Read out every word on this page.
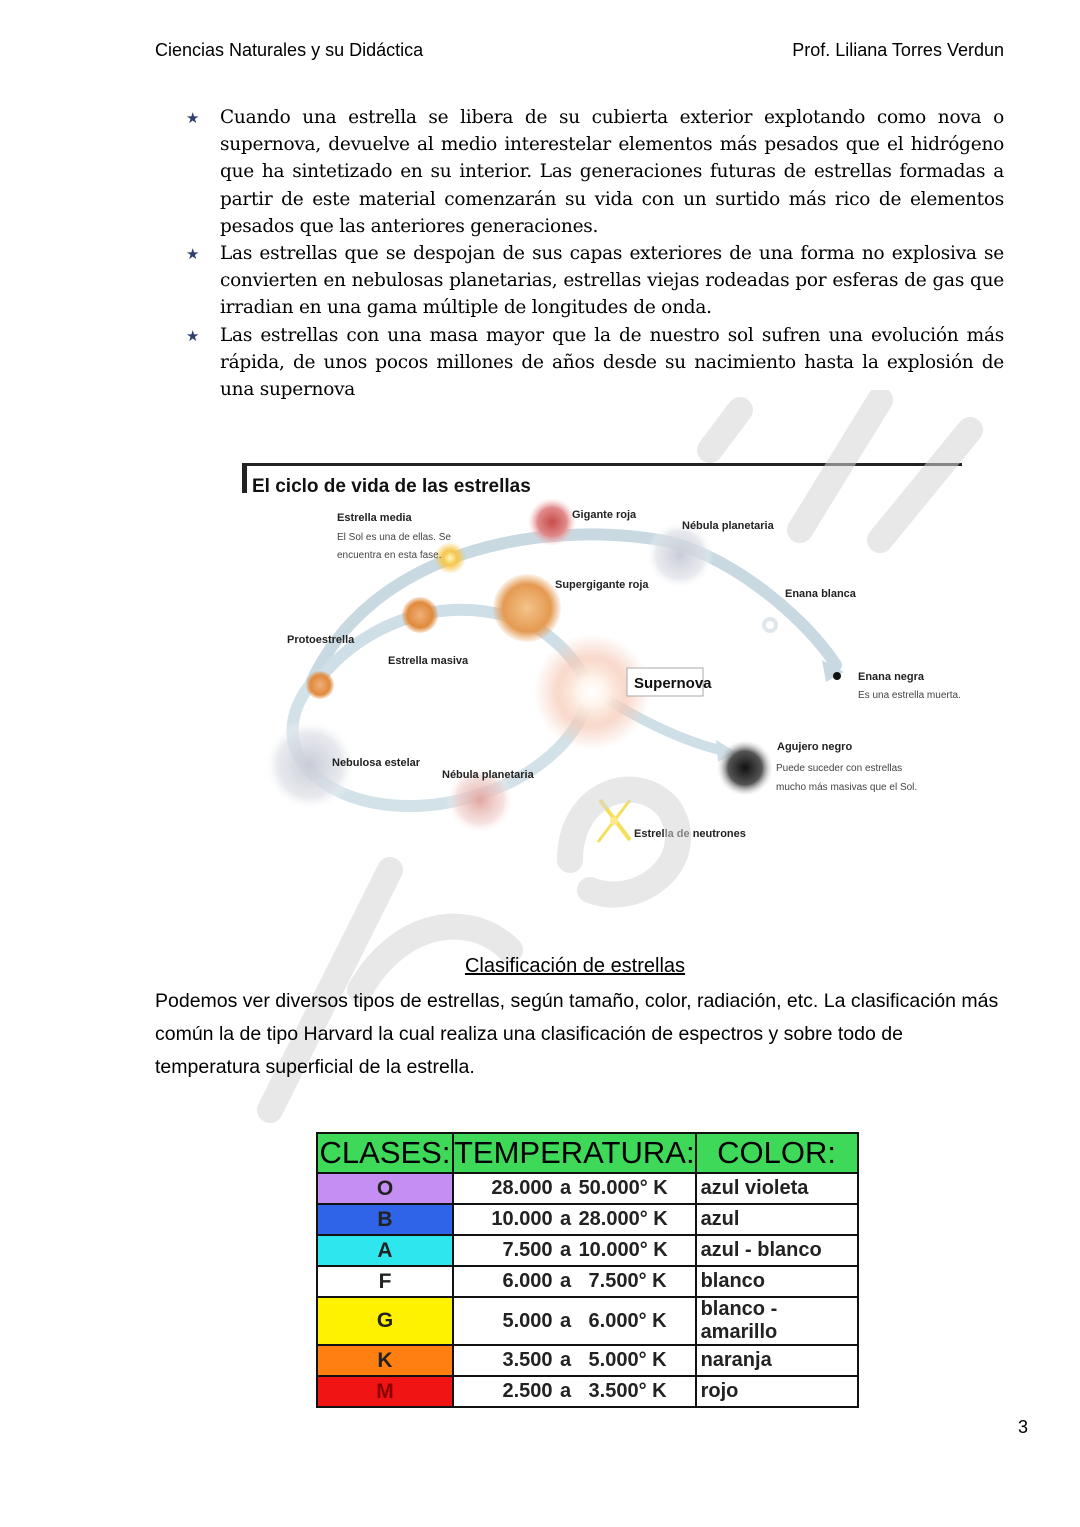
Ciencias Naturales y su Didáctica	Prof. Liliana Torres Verdun
★ Cuando una estrella se libera de su cubierta exterior explotando como nova o supernova, devuelve al medio interestelar elementos más pesados que el hidrógeno que ha sintetizado en su interior. Las generaciones futuras de estrellas formadas a partir de este material comenzarán su vida con un surtido más rico de elementos pesados que las anteriores generaciones.
★ Las estrellas que se despojan de sus capas exteriores de una forma no explosiva se convierten en nebulosas planetarias, estrellas viejas rodeadas por esferas de gas que irradian en una gama múltiple de longitudes de onda.
★ Las estrellas con una masa mayor que la de nuestro sol sufren una evolución más rápida, de unos pocos millones de años desde su nacimiento hasta la explosión de una supernova
El ciclo de vida de las estrellas
Estrella media
El Sol es una de ellas. Se
encuentra en esta fase.
Gigante roja
Nébula planetaria
Supergigante roja
Enana blanca
Protoestrella
Estrella masiva
Supernova	Enana negra
Es una estrella muerta.
Agujero negro
Puede suceder con estrellas
mucho más masivas que el Sol.
Nebulosa estelar
Nébula planetaria
Estrella de neutrones
Clasificación de estrellas
Podemos ver diversos tipos de estrellas, según tamaño, color, radiación, etc. La clasificación más común la de tipo Harvard la cual realiza una clasificación de espectros y sobre todo de temperatura superficial de la estrella.
CLASES:	TEMPERATURA:	COLOR:
O	28.000 a 50.000° K	azul violeta
B	10.000 a 28.000° K	azul
A	7.500 a 10.000° K	azul - blanco
F	6.000 a 7.500° K	blanco
G	5.000 a 6.000° K	blanco - amarillo
K	3.500 a 5.000° K	naranja
M	2.500 a 3.500° K	rojo
3
